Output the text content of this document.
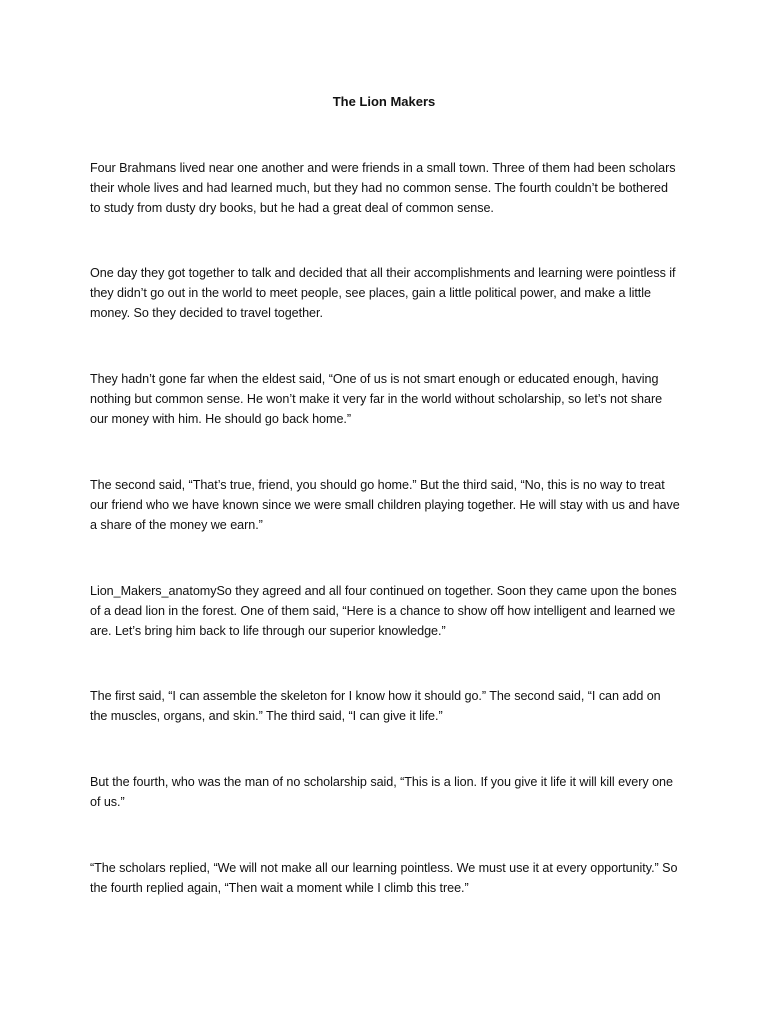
The Lion Makers

Four Brahmans lived near one another and were friends in a small town. Three of them had been scholars their whole lives and had learned much, but they had no common sense. The fourth couldn’t be bothered to study from dusty dry books, but he had a great deal of common sense.

One day they got together to talk and decided that all their accomplishments and learning were pointless if they didn’t go out in the world to meet people, see places, gain a little political power, and make a little money. So they decided to travel together.

They hadn’t gone far when the eldest said, “One of us is not smart enough or educated enough, having nothing but common sense. He won’t make it very far in the world without scholarship, so let’s not share our money with him. He should go back home.”

The second said, “That’s true, friend, you should go home.” But the third said, “No, this is no way to treat our friend who we have known since we were small children playing together. He will stay with us and have a share of the money we earn.”

Lion_Makers_anatomySo they agreed and all four continued on together. Soon they came upon the bones of a dead lion in the forest. One of them said, “Here is a chance to show off how intelligent and learned we are. Let’s bring him back to life through our superior knowledge.”

The first said, “I can assemble the skeleton for I know how it should go.” The second said, “I can add on the muscles, organs, and skin.” The third said, “I can give it life.”

But the fourth, who was the man of no scholarship said, “This is a lion. If you give it life it will kill every one of us.”

“The scholars replied, “We will not make all our learning pointless. We must use it at every opportunity.” So the fourth replied again, “Then wait a moment while I climb this tree.”
